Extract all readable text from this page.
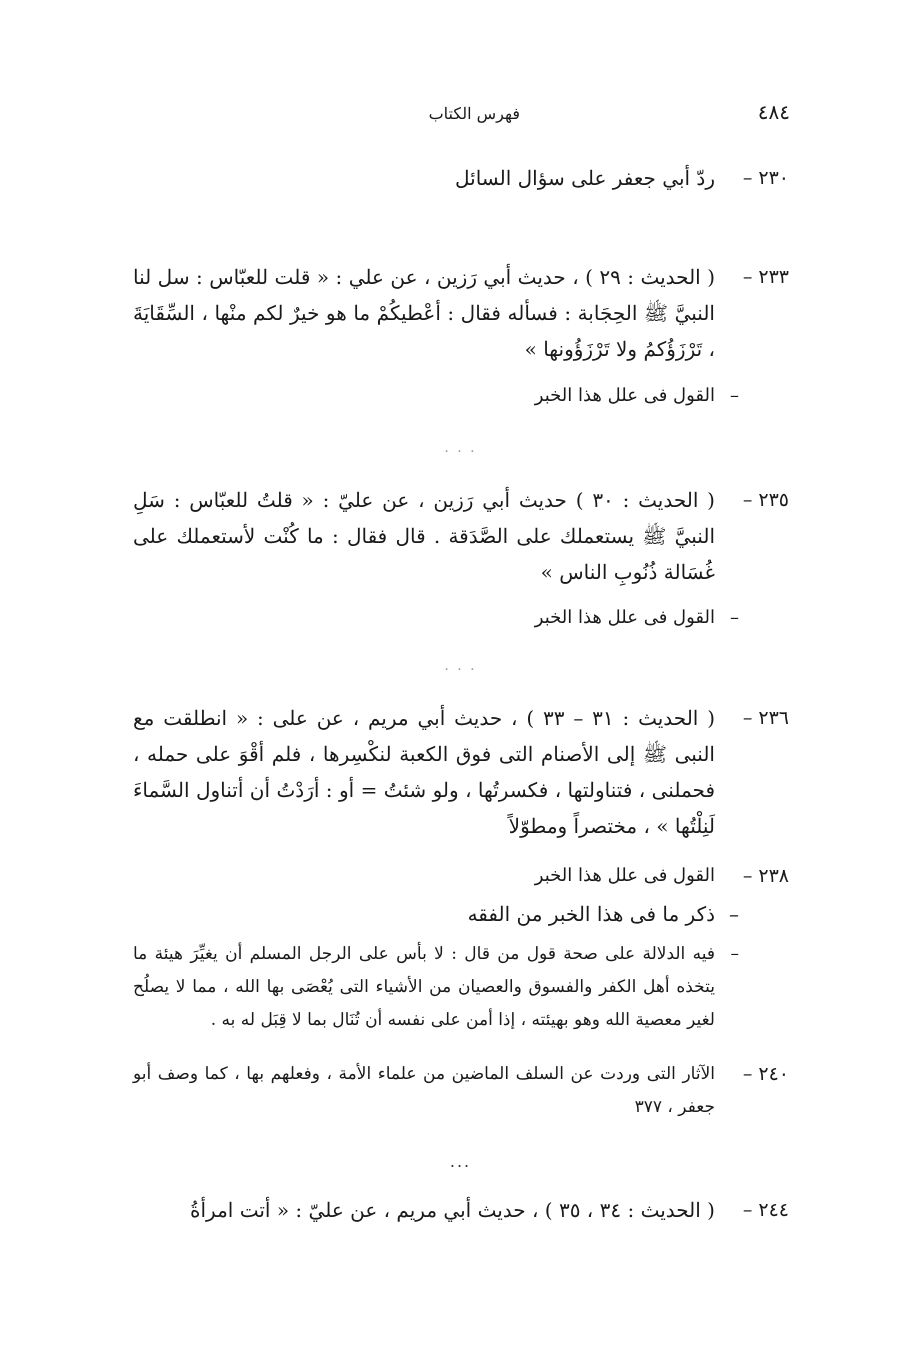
٤٨٤
فهرس الكتاب
٢٣٠ –
ردّ أبي جعفر على سؤال السائل
٢٣٣ –
( الحديث : ٢٩ ) ، حديث أبي رَزين ، عن علي : « قلت للعبّاس : سل لنا النبيَّ ﷺ الحِجَابة : فسأله فقال : أعْطيكُمْ ما هو خيرٌ لكم منْها ، السِّقَايَةَ ، تَرْزَؤُكمُ ولا تَرْزَؤُونها »
–
القول فى علل هذا الخبر
· · ·
٢٣٥ –
( الحديث : ٣٠ ) حديث أبي رَزين ، عن عليّ : « قلتُ للعبّاس : سَلِ النبيَّ ﷺ يستعملك على الصَّدَقة . قال فقال : ما كُنْت لأستعملك على غُسَالة ذُنُوبِ الناس »
–
القول فى علل هذا الخبر
· · ·
٢٣٦ –
( الحديث : ٣١ – ٣٣ ) ، حديث أبي مريم ، عن على : « انطلقت مع النبى ﷺ إلى الأصنام التى فوق الكعبة لنكْسِرها ، فلم أقْوَ على حمله ، فحملنى ، فتناولتها ، فكسرتُها ، ولو شئتُ = أو : أرَدْتُ أن أتناول السَّماءَ لَنِلْتُها » ، مختصراً ومطوّلاً
٢٣٨ –
القول فى علل هذا الخبر
–
ذكر ما فى هذا الخبر من الفقه
–
فيه الدلالة على صحة قول من قال : لا بأس على الرجل المسلم أن يغيِّرَ هيئة ما يتخذه أهل الكفر والفسوق والعصيان من الأشياء التى يُعْصَى بها الله ، مما لا يصلُح لغير معصية الله وهو بهيئته ، إذا أمن على نفسه أن تُنَال بما لا قِبَل له به .
٢٤٠ –
الآثار التى وردت عن السلف الماضين من علماء الأمة ، وفعلهم بها ، كما وصف أبو جعفر ، ٣٧٧
...
٢٤٤ –
( الحديث : ٣٤ ، ٣٥ ) ، حديث أبي مريم ، عن عليّ : « أتت امرأةُ
